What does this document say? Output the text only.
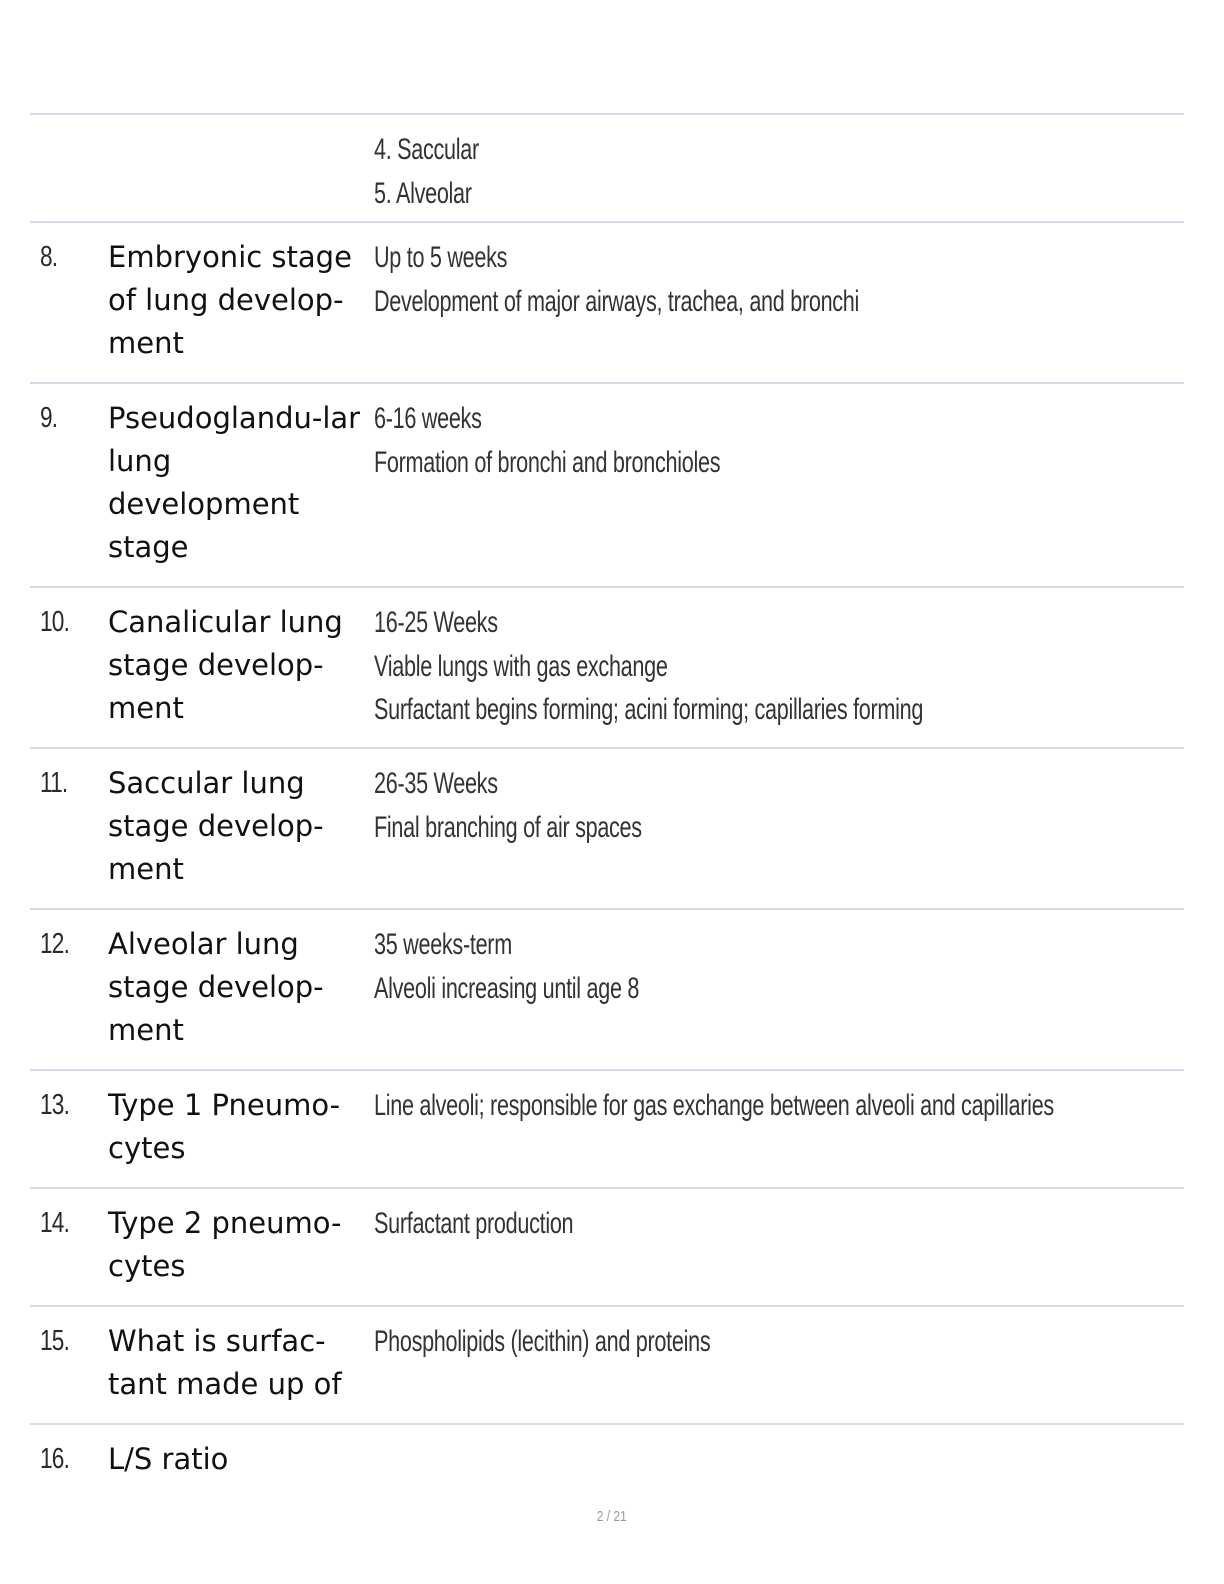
4. Saccular
5. Alveolar
8. Embryonic stage of lung develop-ment
Up to 5 weeks
Development of major airways, trachea, and bronchi
9. Pseudoglandu-lar lung development stage
6-16 weeks
Formation of bronchi and bronchioles
10. Canalicular lung stage develop-ment
16-25 Weeks
Viable lungs with gas exchange
Surfactant begins forming; acini forming; capillaries forming
11. Saccular lung stage develop-ment
26-35 Weeks
Final branching of air spaces
12. Alveolar lung stage develop-ment
35 weeks-term
Alveoli increasing until age 8
13. Type 1 Pneumo-cytes
Line alveoli; responsible for gas exchange between alveoli and capillaries
14. Type 2 pneumo-cytes
Surfactant production
15. What is surfac-tant made up of
Phospholipids (lecithin) and proteins
16. L/S ratio
2 / 21
